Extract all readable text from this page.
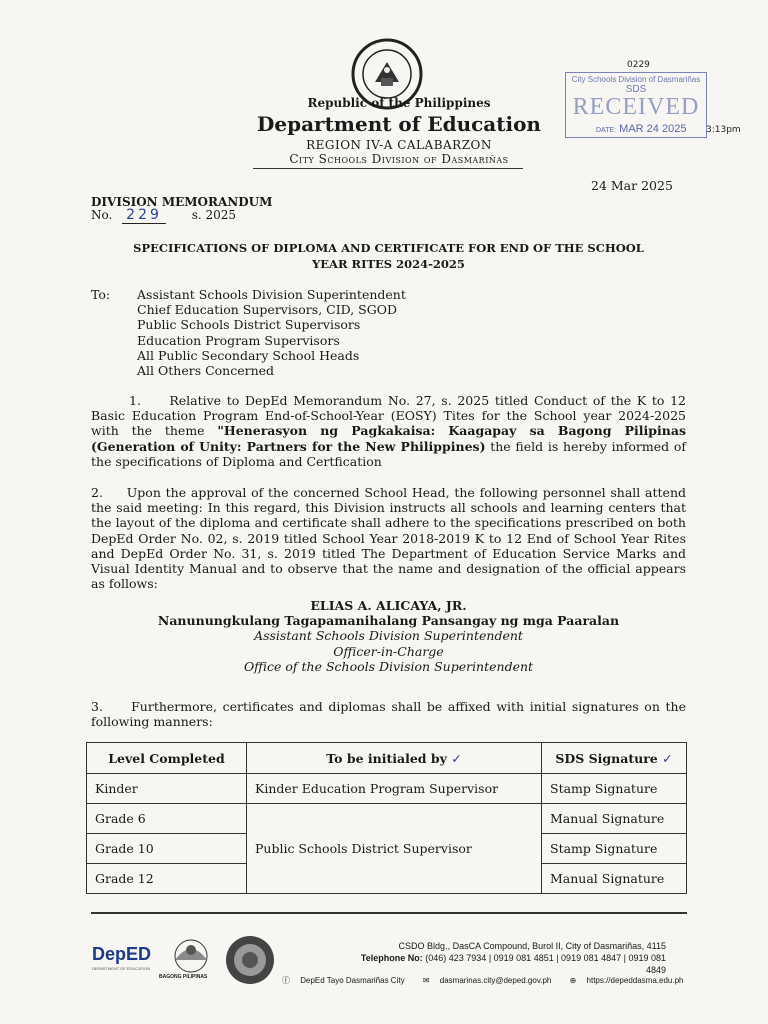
Republic of the Philippines
Department of Education
REGION IV-A CALABARZON
City Schools Division of Dasmariñas
City Schools Division of Dasmariñas
SDS
RECEIVED
DATE: MAR 24 2025
0229
3:13pm
24 Mar 2025
DIVISION MEMORANDUM
No. 229 s. 2025
SPECIFICATIONS OF DIPLOMA AND CERTIFICATE FOR END OF THE SCHOOL
YEAR RITES 2024-2025
To: Assistant Schools Division Superintendent
Chief Education Supervisors, CID, SGOD
Public Schools District Supervisors
Education Program Supervisors
All Public Secondary School Heads
All Others Concerned
1.     Relative to DepEd Memorandum No. 27, s. 2025 titled Conduct of the K to 12 Basic Education Program End-of-School-Year (EOSY) Tites for the School year 2024-2025 with the theme "Henerasyon ng Pagkakaisa: Kaagapay sa Bagong Pilipinas (Generation of Unity: Partners for the New Philippines) the field is hereby informed of the specifications of Diploma and Certfication
2.     Upon the approval of the concerned School Head, the following personnel shall attend the said meeting: In this regard, this Division instructs all schools and learning centers that the layout of the diploma and certificate shall adhere to the specifications prescribed on both DepEd Order No. 02, s. 2019 titled School Year 2018-2019 K to 12 End of School Year Rites and DepEd Order No. 31, s. 2019 titled The Department of Education Service Marks and Visual Identity Manual and to observe that the name and designation of the official appears as follows:
ELIAS A. ALICAYA, JR.
Nanunungkulang Tagapamanihalang Pansangay ng mga Paaralan
Assistant Schools Division Superintendent
Officer-in-Charge
Office of the Schools Division Superintendent
3.     Furthermore, certificates and diplomas shall be affixed with initial signatures on the following manners:
Level Completed	To be initialed by ✓	SDS Signature ✓
Kinder	Kinder Education Program Supervisor	Stamp Signature
Grade 6	Public Schools District Supervisor	Manual Signature
Grade 10		Stamp Signature
Grade 12		Manual Signature
DepED
DEPARTMENT OF EDUCATION
BAGONG PILIPINAS
CSDO Bldg., DasCA Compound, Burol II, City of Dasmariñas, 4115
Telephone No: (046) 423 7934 | 0919 081 4851 | 0919 081 4847 | 0919 081 4849
ⓕ DepEd Tayo Dasmariñas City ✉ dasmarinas.city@deped.gov.ph ⊕ https://depeddasma.edu.ph
